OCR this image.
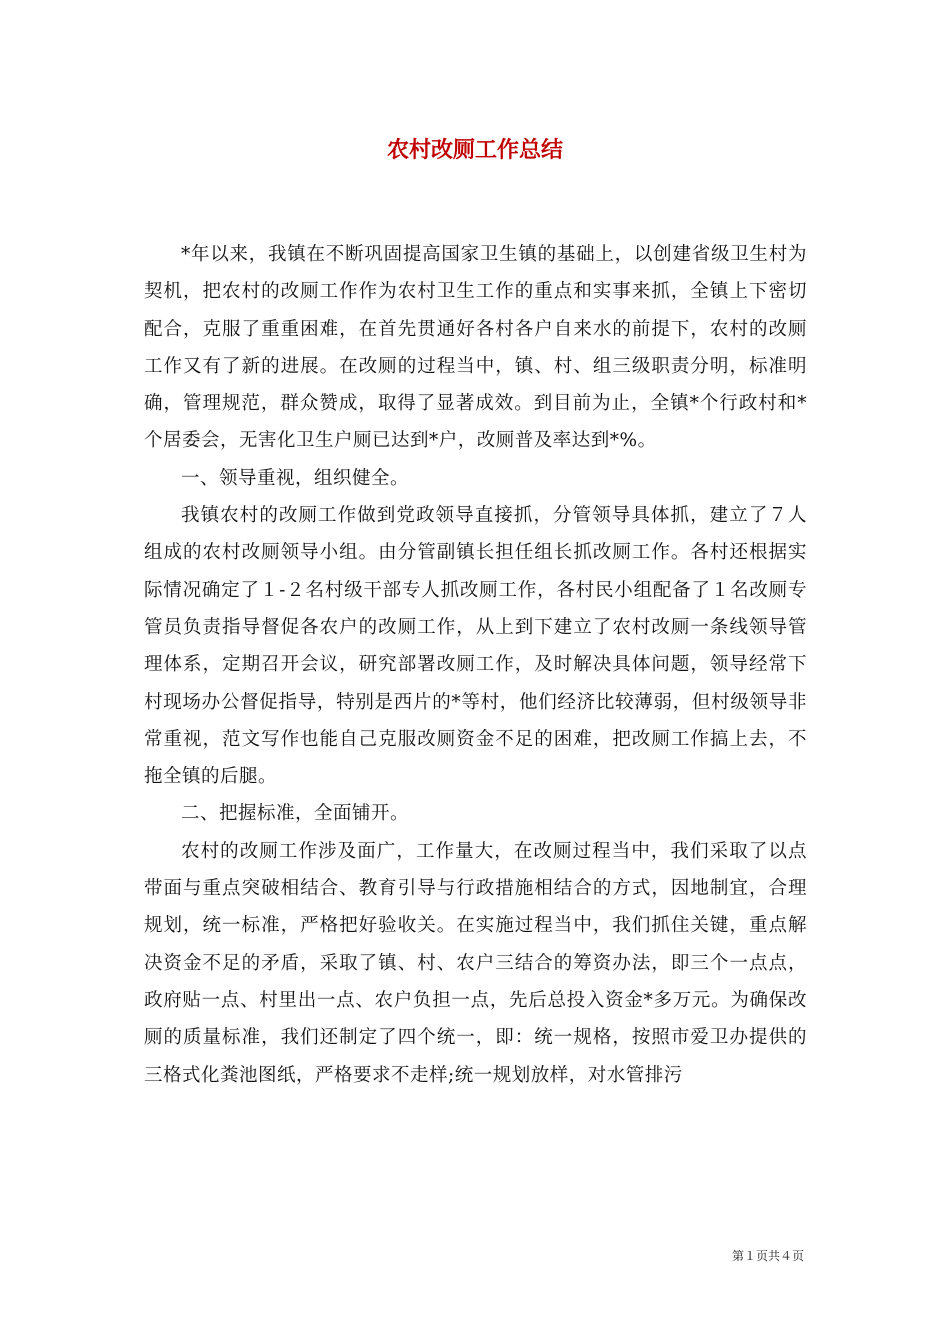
农村改厕工作总结

*年以来，我镇在不断巩固提高国家卫生镇的基础上，以创建省级卫生村为契机，把农村的改厕工作作为农村卫生工作的重点和实事来抓，全镇上下密切配合，克服了重重困难，在首先贯通好各村各户自来水的前提下，农村的改厕工作又有了新的进展。在改厕的过程当中，镇、村、组三级职责分明，标准明确，管理规范，群众赞成，取得了显著成效。到目前为止，全镇*个行政村和*个居委会，无害化卫生户厕已达到*户，改厕普及率达到*%。

一、领导重视，组织健全。

我镇农村的改厕工作做到党政领导直接抓，分管领导具体抓，建立了７人组成的农村改厕领导小组。由分管副镇长担任组长抓改厕工作。各村还根据实际情况确定了１-２名村级干部专人抓改厕工作，各村民小组配备了１名改厕专管员负责指导督促各农户的改厕工作，从上到下建立了农村改厕一条线领导管理体系，定期召开会议，研究部署改厕工作，及时解决具体问题，领导经常下村现场办公督促指导，特别是西片的*等村，他们经济比较薄弱，但村级领导非常重视，范文写作也能自己克服改厕资金不足的困难，把改厕工作搞上去，不拖全镇的后腿。

二、把握标准，全面铺开。

农村的改厕工作涉及面广，工作量大，在改厕过程当中，我们采取了以点带面与重点突破相结合、教育引导与行政措施相结合的方式，因地制宜，合理规划，统一标准，严格把好验收关。在实施过程当中，我们抓住关键，重点解决资金不足的矛盾，采取了镇、村、农户三结合的筹资办法，即三个一点点，政府贴一点、村里出一点、农户负担一点，先后总投入资金*多万元。为确保改厕的质量标准，我们还制定了四个统一，即：统一规格，按照市爱卫办提供的三格式化粪池图纸，严格要求不走样;统一规划放样，对水管排污

第１页共４页
